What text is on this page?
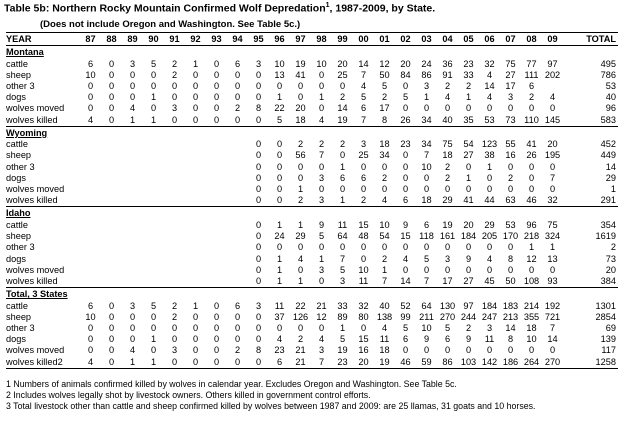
Table 5b: Northern Rocky Mountain Confirmed Wolf Depredation$^1$, 1987-2009, by State.
(Does not include Oregon and Washington. See Table 5c.)
YEAR	87	88	89	90	91	92	93	94	95	96	97	98	99	00	01	02	03	04	05	06	07	08	09	TOTAL
Montana																								
cattle	6	0	3	5	2	1	0	6	3	10	19	10	20	14	12	20	24	36	23	32	75	77	97	495
sheep	10	0	0	0	2	0	0	0	0	13	41	0	25	7	50	84	86	91	33	4	27	111	202	786
other 3	0	0	0	0	0	0	0	0	0	0	0	0	0	4	5	0	3	2	2	14	17	6		53
dogs	0	0	0	1	0	0	0	0	0	1	0	1	2	5	2	5	1	4	1	4	3	2	4	40
wolves moved	0	0	4	0	3	0	0	2	8	22	20	0	14	6	17	0	0	0	0	0	0	0	0	96
wolves killed	4	0	1	1	0	0	0	0	0	5	18	4	19	7	8	26	34	40	35	53	73	110	145	583
Wyoming																								
cattle									0	0	2	2	2	3	18	23	34	75	54	123	55	41	20	452
sheep									0	0	56	7	0	25	34	0	7	18	27	38	16	26	195	449
other 3									0	0	0	0	1	0	0	0	10	2	0	1	0	0	0	14
dogs									0	0	0	3	6	6	2	0	0	2	1	0	2	0	7	29
wolves moved									0	0	1	0	0	0	0	0	0	0	0	0	0	0	0	1
wolves killed									0	0	2	3	1	2	4	6	18	29	41	44	63	46	32	291
Idaho																								
cattle									0	1	1	9	11	15	10	9	6	19	20	29	53	96	75	354
sheep									0	24	29	5	64	48	54	15	118	161	184	205	170	218	324	1619
other 3									0	0	0	0	0	0	0	0	0	0	0	0	0	1	1	2
dogs									0	1	4	1	7	0	2	4	5	3	9	4	8	12	13	73
wolves moved									0	1	0	3	5	10	1	0	0	0	0	0	0	0	0	20
wolves killed									0	1	1	0	3	11	7	14	7	17	27	45	50	108	93	384
Total, 3 States																								
cattle	6	0	3	5	2	1	0	6	3	11	22	21	33	32	40	52	64	130	97	184	183	214	192	1301
sheep	10	0	0	0	2	0	0	0	0	37	126	12	89	80	138	99	211	270	244	247	213	355	721	2854
other 3	0	0	0	0	0	0	0	0	0	0	0	0	1	0	4	5	10	5	2	3	14	18	7	69
dogs	0	0	0	1	0	0	0	0	0	4	2	4	5	15	11	6	9	6	9	11	8	10	14	139
wolves moved	0	0	4	0	3	0	0	2	8	23	21	3	19	16	18	0	0	0	0	0	0	0	0	117
wolves killed2	4	0	1	1	0	0	0	0	0	6	21	7	23	20	19	46	59	86	103	142	186	264	270	1258
1 Numbers of animals confirmed killed by wolves in calendar year. Excludes Oregon and Washington. See Table 5c.
2 Includes wolves legally shot by livestock owners. Others killed in government control efforts.
3 Total livestock other than cattle and sheep confirmed killed by wolves between 1987 and 2009: are 25 llamas, 31 goats and 10 horses.
